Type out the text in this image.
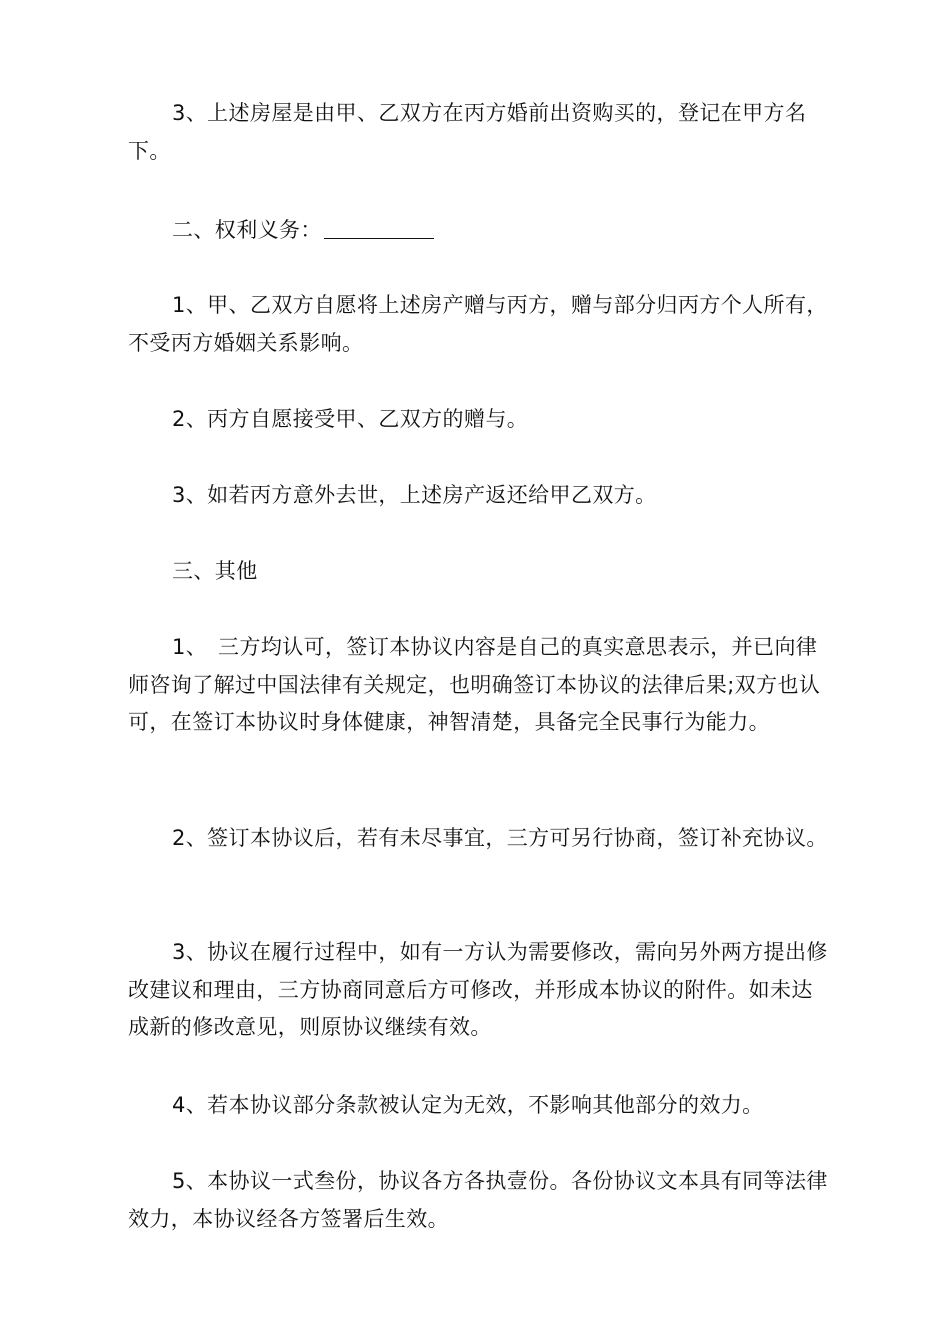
3、上述房屋是由甲、乙双方在丙方婚前出资购买的，登记在甲方名下。

二、权利义务：

1、甲、乙双方自愿将上述房产赠与丙方，赠与部分归丙方个人所有，不受丙方婚姻关系影响。

2、丙方自愿接受甲、乙双方的赠与。

3、如若丙方意外去世，上述房产返还给甲乙双方。

三、其他

1、　三方均认可，签订本协议内容是自己的真实意思表示，并已向律师咨询了解过中国法律有关规定，也明确签订本协议的法律后果;双方也认可，在签订本协议时身体健康，神智清楚，具备完全民事行为能力。

2、签订本协议后，若有未尽事宜，三方可另行协商，签订补充协议。

3、协议在履行过程中，如有一方认为需要修改，需向另外两方提出修改建议和理由，三方协商同意后方可修改，并形成本协议的附件。如未达成新的修改意见，则原协议继续有效。

4、若本协议部分条款被认定为无效，不影响其他部分的效力。

5、本协议一式叁份，协议各方各执壹份。各份协议文本具有同等法律效力，本协议经各方签署后生效。
